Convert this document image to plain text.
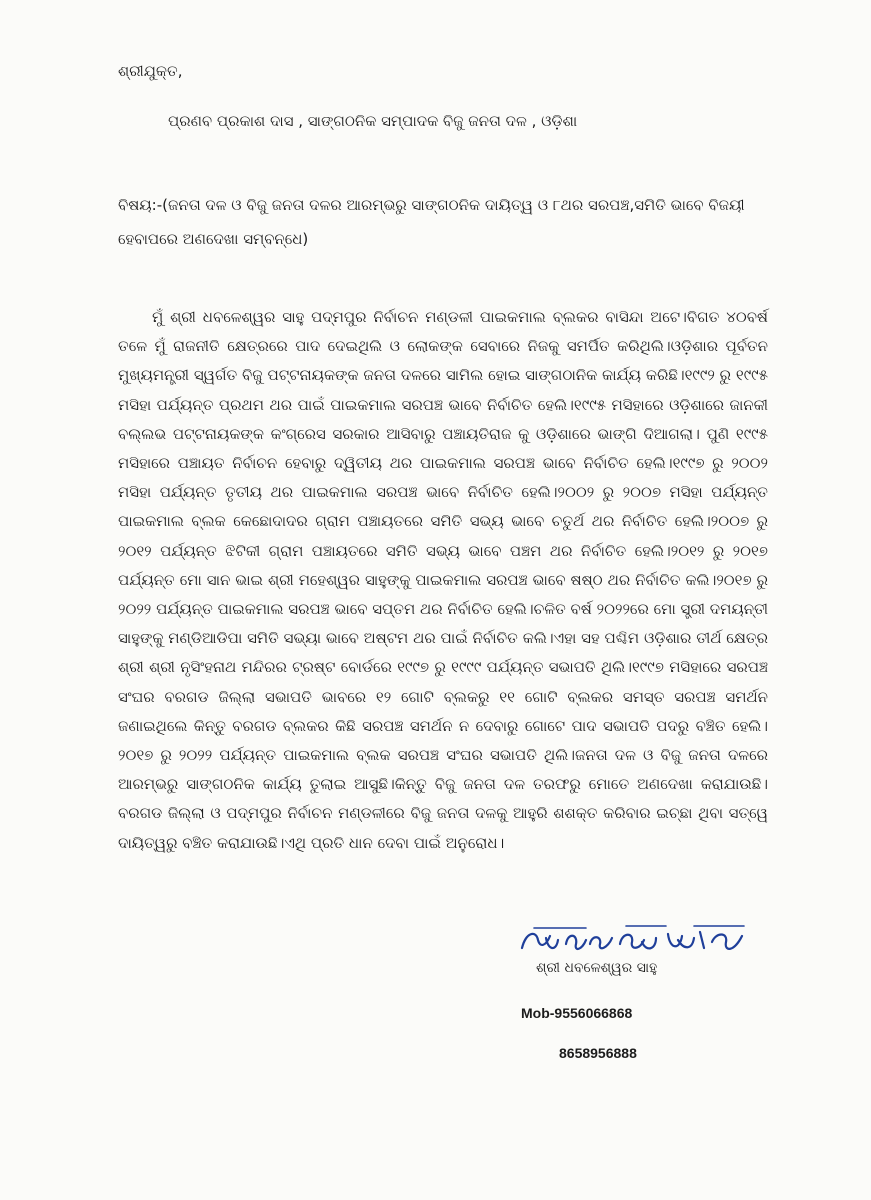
ଶ୍ରୀଯୁକ୍ତ,
ପ୍ରଣବ ପ୍ରକାଶ ଦାସ , ସାଙ୍ଗଠନିକ ସମ୍ପାଦକ ବିଜୁ ଜନତା ଦଳ , ଓଡ଼ିଶା
ବିଷୟ:-(ଜନତା ଦଳ ଓ ବିଜୁ ଜନତା ଦଳର ଆରମ୍ଭରୁ ସାଙ୍ଗଠନିକ ଦାୟିତ୍ୱ ଓ ୮ଥର ସରପଞ୍ଚ,ସମିତି ଭାବେ ବିଜୟୀ ହେବାପରେ ଅଣଦେଖା ସମ୍ବନ୍ଧେ)
ମୁଁ ଶ୍ରୀ ଧବଳେଶ୍ୱର ସାହୁ ପଦ୍ମପୁର ନିର୍ବାଚନ ମଣ୍ଡଳୀ ପାଇକମାଲ ବ୍ଲକର ବାସିନ୍ଦା ଅଟେ।ବିଗତ ୪୦ବର୍ଷ ତଳେ ମୁଁ ରାଜନୀତି କ୍ଷେତ୍ରରେ ପାଦ ଦେଇଥିଲି ଓ ଲୋକଙ୍କ ସେବାରେ ନିଜକୁ ସମର୍ପିତ କରିଥିଲି।ଓଡ଼ିଶାର ପୂର୍ବତନ ମୁଖ୍ୟମନ୍ତ୍ରୀ ସ୍ୱର୍ଗତ ବିଜୁ ପଟ୍ଟନାୟକଙ୍କ ଜନତା ଦଳରେ ସାମିଲ ହୋଇ ସାଙ୍ଗଠାନିକ କାର୍ଯ୍ୟ କରିଛି।୧୯୯୨ ରୁ ୧୯୯୫ ମସିହା ପର୍ଯ୍ୟନ୍ତ ପ୍ରଥମ ଥର ପାଇଁ ପାଇକମାଲ ସରପଞ୍ଚ ଭାବେ ନିର୍ବାଚିତ ହେଲି।୧୯୯୫ ମସିହାରେ ଓଡ଼ିଶାରେ ଜାନକୀ ବଲ୍ଲଭ ପଟ୍ଟନାୟକଙ୍କ କଂଗ୍ରେସ ସରକାର ଆସିବାରୁ ପଞ୍ଚାୟତିରାଜ କୁ ଓଡ଼ିଶାରେ ଭାଙ୍ଗି ଦିଆଗଲା। ପୁଣି ୧୯୯୫ ମସିହାରେ ପଞ୍ଚାୟତ ନିର୍ବାଚନ ହେବାରୁ ଦ୍ୱିତୀୟ ଥର ପାଇକମାଲ ସରପଞ୍ଚ ଭାବେ ନିର୍ବାଚିତ ହେଲି।୧୯୯୭ ରୁ ୨୦୦୨ ମସିହା ପର୍ଯ୍ୟନ୍ତ ତୃତୀୟ ଥର ପାଇକମାଲ ସରପଞ୍ଚ ଭାବେ ନିର୍ବାଚିତ ହେଲି।୨୦୦୨ ରୁ ୨୦୦୭ ମସିହା ପର୍ଯ୍ୟନ୍ତ ପାଇକମାଲ ବ୍ଲକ କେଛୋଦାଦର ଗ୍ରାମ ପଞ୍ଚାୟତରେ ସମିତି ସଭ୍ୟ ଭାବେ ଚତୁର୍ଥ ଥର ନିର୍ବାଚିତ ହେଲି।୨୦୦୭ ରୁ ୨୦୧୨ ପର୍ଯ୍ୟନ୍ତ ଝିଟିକୀ ଗ୍ରାମ ପଞ୍ଚାୟତରେ ସମିତି ସଭ୍ୟ ଭାବେ ପଞ୍ଚମ ଥର ନିର୍ବାଚିତ ହେଲି।୨୦୧୨ ରୁ ୨୦୧୭ ପର୍ଯ୍ୟନ୍ତ ମୋ ସାନ ଭାଇ ଶ୍ରୀ ମହେଶ୍ୱର ସାହୁଙ୍କୁ ପାଇକମାଲ ସରପଞ୍ଚ ଭାବେ ଷଷ୍ଠ ଥର ନିର୍ବାଚିତ କଲି।୨୦୧୭ ରୁ ୨୦୨୨ ପର୍ଯ୍ୟନ୍ତ ପାଇକମାଲ ସରପଞ୍ଚ ଭାବେ ସପ୍ତମ ଥର ନିର୍ବାଚିତ ହେଲି।ଚଳିତ ବର୍ଷ ୨୦୨୨ରେ ମୋ ସ୍ତ୍ରୀ ଦମୟନ୍ତୀ ସାହୁଙ୍କୁ ମଣ୍ଡିଆଡିପା ସମିତି ସଭ୍ୟା ଭାବେ ଅଷ୍ଟମ ଥର ପାଇଁ ନିର୍ବାଚିତ କଲି।ଏହା ସହ ପଶ୍ଚିମ ଓଡ଼ିଶାର ତୀର୍ଥ କ୍ଷେତ୍ର ଶ୍ରୀ ଶ୍ରୀ ନୃସିଂହନାଥ ମନ୍ଦିରର ଟ୍ରଷ୍ଟ ବୋର୍ଡରେ ୧୯୯୭ ରୁ ୧୯୯୯ ପର୍ଯ୍ୟନ୍ତ ସଭାପତି ଥିଲି।୧୯୯୭ ମସିହାରେ ସରପଞ୍ଚ ସଂଘର ବରଗଡ ଜିଲ୍ଲା ସଭାପତି ଭାବରେ ୧୨ ଗୋଟି ବ୍ଲକରୁ ୧୧ ଗୋଟି ବ୍ଲକର ସମସ୍ତ ସରପଞ୍ଚ ସମର୍ଥନ ଜଣାଇଥିଲେ କିନ୍ତୁ ବରଗଡ ବ୍ଲକର କିଛି ସରପଞ୍ଚ ସମର୍ଥନ ନ ଦେବାରୁ ଗୋଟେ ପାଦ ସଭାପତି ପଦରୁ ବଞ୍ଚିତ ହେଲି। ୨୦୧୭ ରୁ ୨୦୨୨ ପର୍ଯ୍ୟନ୍ତ ପାଇକମାଲ ବ୍ଲକ ସରପଞ୍ଚ ସଂଘର ସଭାପତି ଥିଲି।ଜନତା ଦଳ ଓ ବିଜୁ ଜନତା ଦଳରେ ଆରମ୍ଭରୁ ସାଙ୍ଗଠନିକ କାର୍ଯ୍ୟ ତୁଲାଇ ଆସୁଛି।କିନ୍ତୁ ବିଜୁ ଜନତା ଦଳ ତରଫରୁ ମୋତେ ଅଣଦେଖା କରାଯାଉଛି।ବରଗଡ ଜିଲ୍ଲା ଓ ପଦ୍ମପୁର ନିର୍ବାଚନ ମଣ୍ଡଳୀରେ ବିଜୁ ଜନତା ଦଳକୁ ଆହୁରି ଶଶକ୍ତ କରିବାର ଇଚ୍ଛା ଥିବା ସତ୍ୱେ ଦାୟିତ୍ୱରୁ ବଞ୍ଚିତ କରାଯାଉଛି।ଏଥି ପ୍ରତି ଧାନ ଦେବା ପାଇଁ ଅନୁରୋଧ।
ଶ୍ରୀ ଧବଳେଶ୍ୱର ସାହୁ
Mob-9556066868
8658956888
